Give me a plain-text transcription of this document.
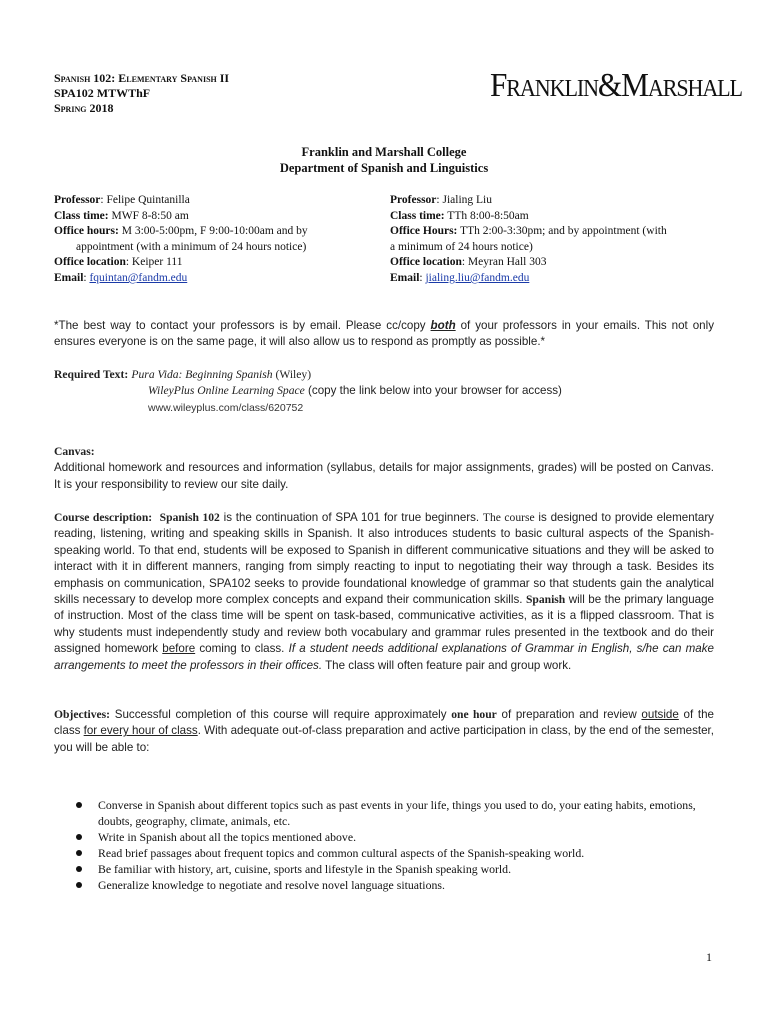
Spanish 102: Elementary Spanish II
SPA102 MTWThF
Spring 2018
Franklin&Marshall
Franklin and Marshall College
Department of Spanish and Linguistics
Professor: Felipe Quintanilla
Class time: MWF 8-8:50 am
Office hours: M 3:00-5:00pm, F 9:00-10:00am and by
appointment (with a minimum of 24 hours notice)
Office location: Keiper 111
Email: fquintan@fandm.edu
Professor: Jialing Liu
Class time: TTh 8:00-8:50am
Office Hours: TTh 2:00-3:30pm; and by appointment (with
a minimum of 24 hours notice)
Office location: Meyran Hall 303
Email: jialing.liu@fandm.edu
*The best way to contact your professors is by email. Please cc/copy both of your professors in your emails. This not only ensures everyone is on the same page, it will also allow us to respond as promptly as possible.*
Required Text: Pura Vida: Beginning Spanish (Wiley)
WileyPlus Online Learning Space (copy the link below into your browser for access)
www.wileyplus.com/class/620752
Canvas:
Additional homework and resources and information (syllabus, details for major assignments, grades) will be posted on Canvas. It is your responsibility to review our site daily.
Course description: Spanish 102 is the continuation of SPA 101 for true beginners. The course is designed to provide elementary reading, listening, writing and speaking skills in Spanish. It also introduces students to basic cultural aspects of the Spanish-speaking world. To that end, students will be exposed to Spanish in different communicative situations and they will be asked to interact with it in different manners, ranging from simply reacting to input to negotiating their way through a task. Besides its emphasis on communication, SPA102 seeks to provide foundational knowledge of grammar so that students gain the analytical skills necessary to develop more complex concepts and expand their communication skills. Spanish will be the primary language of instruction. Most of the class time will be spent on task-based, communicative activities, as it is a flipped classroom. That is why students must independently study and review both vocabulary and grammar rules presented in the textbook and do their assigned homework before coming to class. If a student needs additional explanations of Grammar in English, s/he can make arrangements to meet the professors in their offices. The class will often feature pair and group work.
Objectives: Successful completion of this course will require approximately one hour of preparation and review outside of the class for every hour of class. With adequate out-of-class preparation and active participation in class, by the end of the semester, you will be able to:
Converse in Spanish about different topics such as past events in your life, things you used to do, your eating habits, emotions, doubts, geography, climate, animals, etc.
Write in Spanish about all the topics mentioned above.
Read brief passages about frequent topics and common cultural aspects of the Spanish-speaking world.
Be familiar with history, art, cuisine, sports and lifestyle in the Spanish speaking world.
Generalize knowledge to negotiate and resolve novel language situations.
1
